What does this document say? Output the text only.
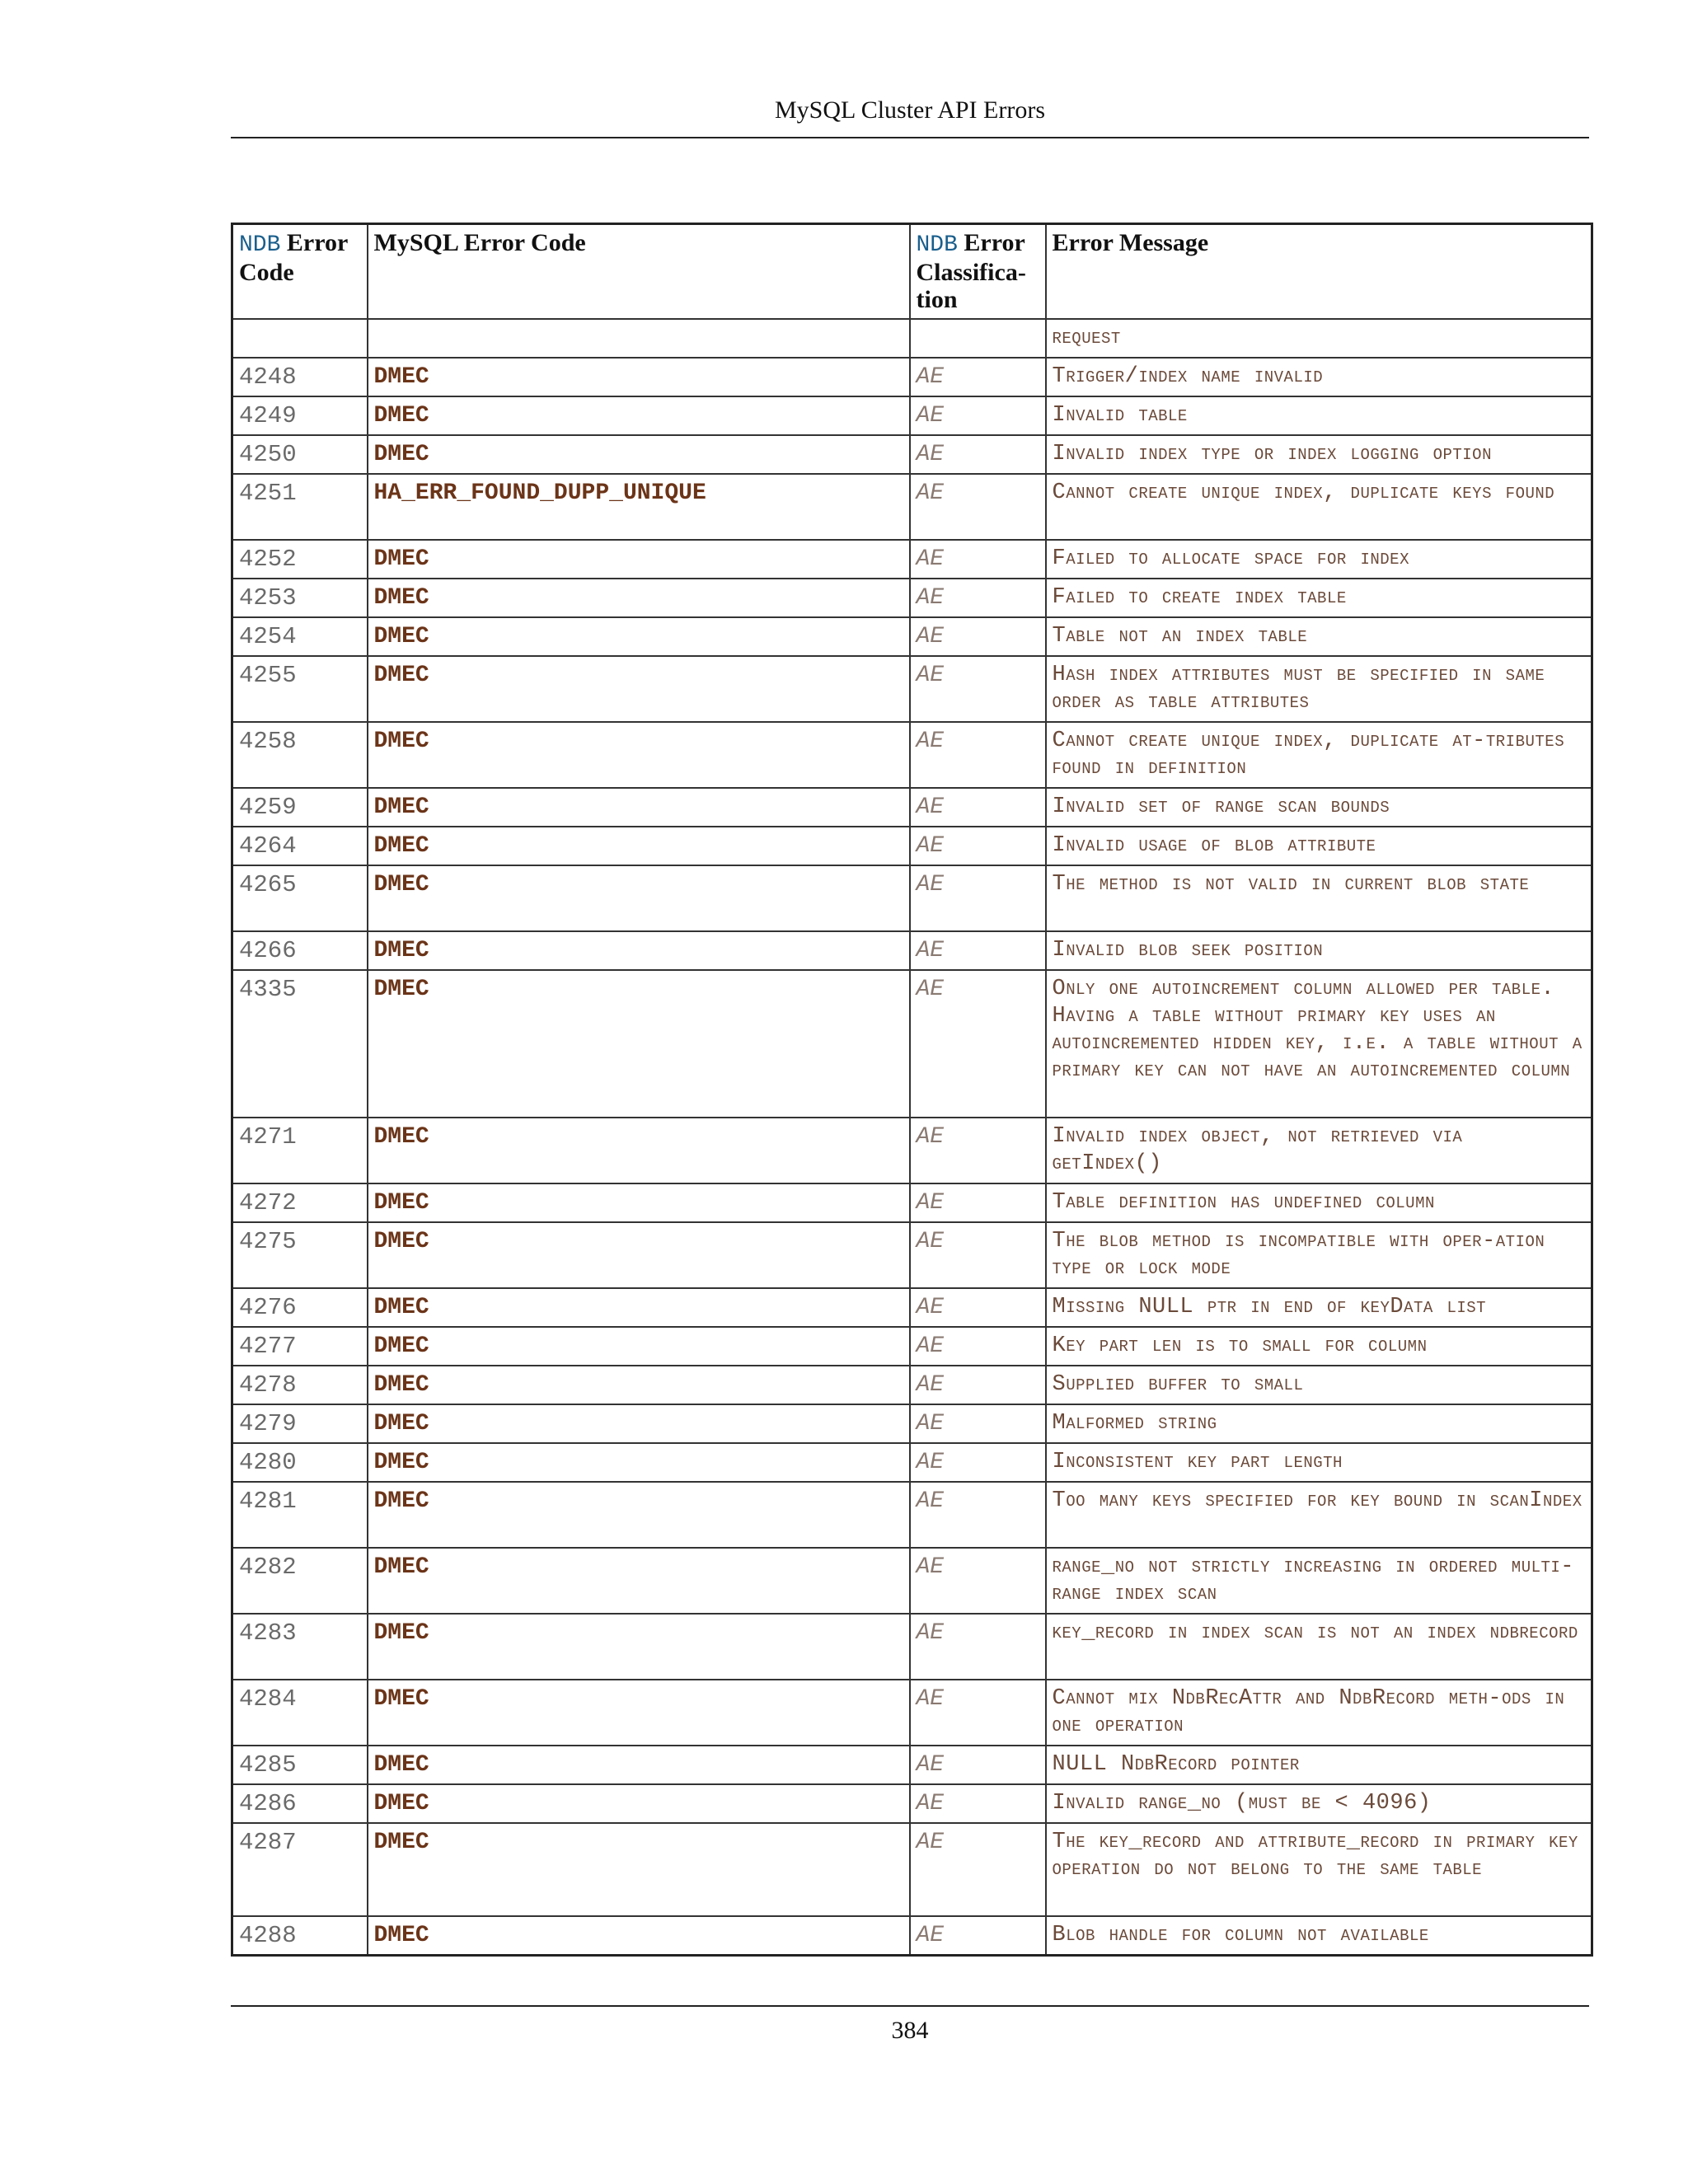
MySQL Cluster API Errors
NDB Error Code	MySQL Error Code	NDB Error Classifica-tion	Error Message
			request
4248	DMEC	AE	Trigger/index name invalid
4249	DMEC	AE	Invalid table
4250	DMEC	AE	Invalid index type or index logging option
4251	HA_ERR_FOUND_DUPP_UNIQUE	AE	Cannot create unique index, duplicate keys found
4252	DMEC	AE	Failed to allocate space for index
4253	DMEC	AE	Failed to create index table
4254	DMEC	AE	Table not an index table
4255	DMEC	AE	Hash index attributes must be specified in same order as table attributes
4258	DMEC	AE	Cannot create unique index, duplicate at-tributes found in definition
4259	DMEC	AE	Invalid set of range scan bounds
4264	DMEC	AE	Invalid usage of blob attribute
4265	DMEC	AE	The method is not valid in current blob state
4266	DMEC	AE	Invalid blob seek position
4335	DMEC	AE	Only one autoincrement column allowed per table. Having a table without primary key uses an autoincremented hidden key, i.e. a table without a primary key can not have an autoincremented column
4271	DMEC	AE	Invalid index object, not retrieved via getIndex()
4272	DMEC	AE	Table definition has undefined column
4275	DMEC	AE	The blob method is incompatible with oper-ation type or lock mode
4276	DMEC	AE	Missing NULL ptr in end of keyData list
4277	DMEC	AE	Key part len is to small for column
4278	DMEC	AE	Supplied buffer to small
4279	DMEC	AE	Malformed string
4280	DMEC	AE	Inconsistent key part length
4281	DMEC	AE	Too many keys specified for key bound in scanIndex
4282	DMEC	AE	range_no not strictly increasing in ordered multi-range index scan
4283	DMEC	AE	key_record in index scan is not an index ndbrecord
4284	DMEC	AE	Cannot mix NdbRecAttr and NdbRecord meth-ods in one operation
4285	DMEC	AE	NULL NdbRecord pointer
4286	DMEC	AE	Invalid range_no (must be < 4096)
4287	DMEC	AE	The key_record and attribute_record in primary key operation do not belong to the same table
4288	DMEC	AE	Blob handle for column not available
384
